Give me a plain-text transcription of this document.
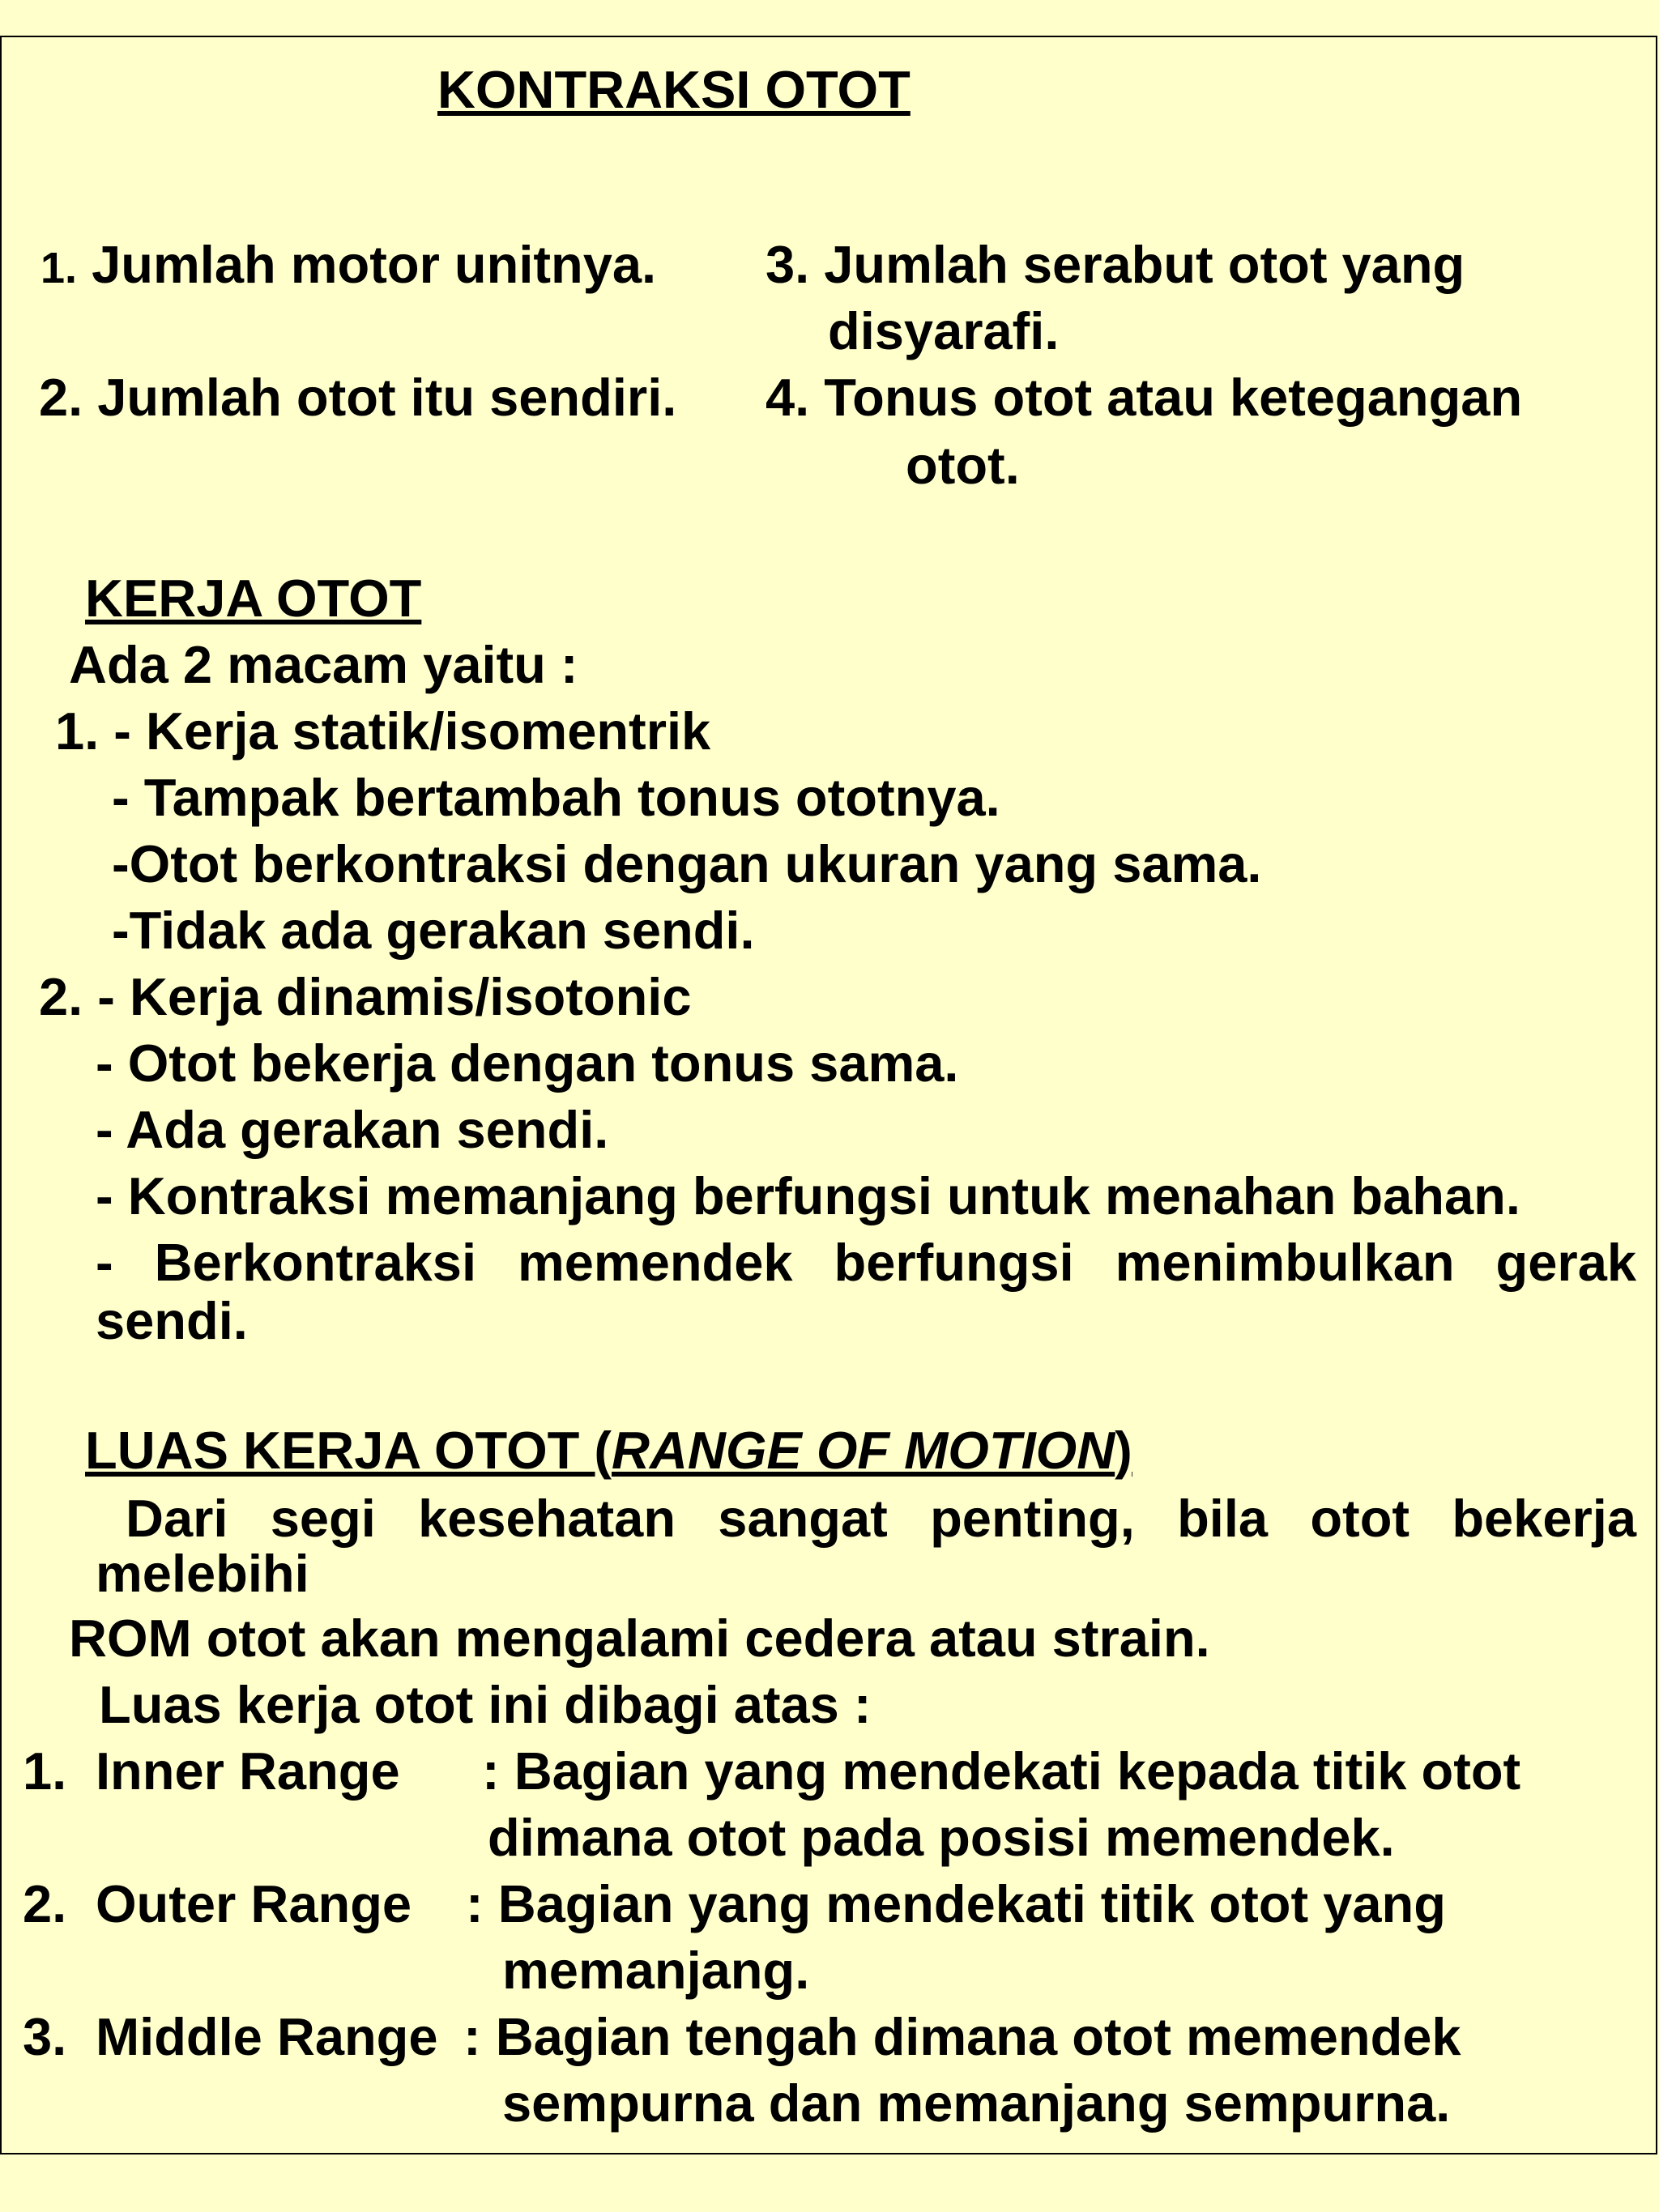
KONTRAKSI OTOT
1. Jumlah motor unitnya. 3. Jumlah serabut otot yang
disyarafi.
2. Jumlah otot itu sendiri. 4. Tonus otot atau ketegangan
otot.
KERJA OTOT
Ada 2 macam yaitu :
1. - Kerja statik/isomentrik
- Tampak bertambah tonus ototnya.
-Otot berkontraksi dengan ukuran yang sama.
-Tidak ada gerakan sendi.
2. - Kerja dinamis/isotonic
- Otot bekerja dengan tonus sama.
- Ada gerakan sendi.
- Kontraksi memanjang berfungsi untuk menahan bahan.
- Berkontraksi memendek berfungsi menimbulkan gerak
sendi.
LUAS KERJA OTOT (RANGE OF MOTION)
Dari segi kesehatan sangat penting, bila otot bekerja
melebihi
ROM otot akan mengalami cedera atau strain.
Luas kerja otot ini dibagi atas :
1. Inner Range : Bagian yang mendekati kepada titik otot
dimana otot pada posisi memendek.
2. Outer Range : Bagian yang mendekati titik otot yang
memanjang.
3. Middle Range : Bagian tengah dimana otot memendek
sempurna dan memanjang sempurna.
